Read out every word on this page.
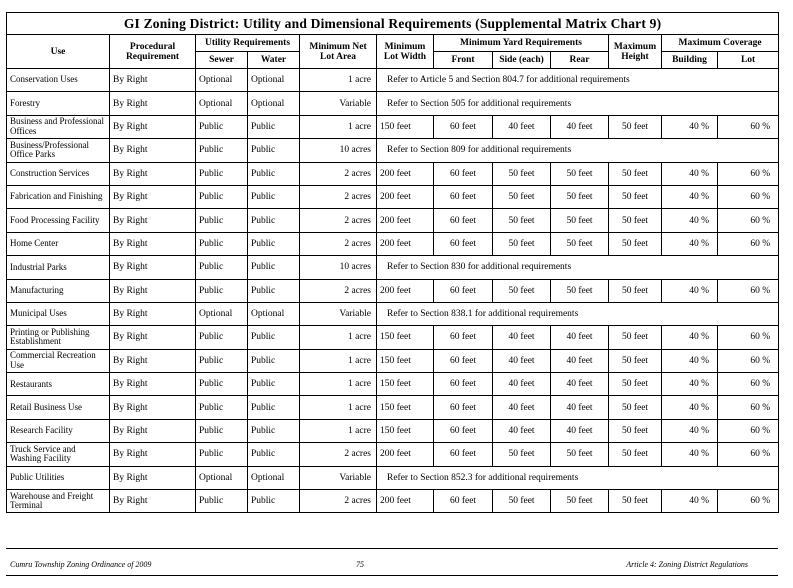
GI Zoning District: Utility and Dimensional Requirements (Supplemental Matrix Chart 9)											
Use	Procedural Requirement	Utility Requirements		Minimum Net Lot Area	Minimum Lot Width	Minimum Yard Requirements			Maximum Height	Maximum Coverage	
		Sewer	Water			Front	Side (each)	Rear		Building	Lot
Conservation Uses	By Right	Optional	Optional	1 acre	Refer to Article 5 and Section 804.7 for additional requirements						
Forestry	By Right	Optional	Optional	Variable	Refer to Section 505 for additional requirements						
Business and Professional Offices	By Right	Public	Public	1 acre	150 feet	60 feet	40 feet	40 feet	50 feet	40 %	60 %
Business/Professional Office Parks	By Right	Public	Public	10 acres	Refer to Section 809 for additional requirements						
Construction Services	By Right	Public	Public	2 acres	200 feet	60 feet	50 feet	50 feet	50 feet	40 %	60 %
Fabrication and Finishing	By Right	Public	Public	2 acres	200 feet	60 feet	50 feet	50 feet	50 feet	40 %	60 %
Food Processing Facility	By Right	Public	Public	2 acres	200 feet	60 feet	50 feet	50 feet	50 feet	40 %	60 %
Home Center	By Right	Public	Public	2 acres	200 feet	60 feet	50 feet	50 feet	50 feet	40 %	60 %
Industrial Parks	By Right	Public	Public	10 acres	Refer to Section 830 for additional requirements						
Manufacturing	By Right	Public	Public	2 acres	200 feet	60 feet	50 feet	50 feet	50 feet	40 %	60 %
Municipal Uses	By Right	Optional	Optional	Variable	Refer to Section 838.1 for additional requirements						
Printing or Publishing Establishment	By Right	Public	Public	1 acre	150 feet	60 feet	40 feet	40 feet	50 feet	40 %	60 %
Commercial Recreation Use	By Right	Public	Public	1 acre	150 feet	60 feet	40 feet	40 feet	50 feet	40 %	60 %
Restaurants	By Right	Public	Public	1 acre	150 feet	60 feet	40 feet	40 feet	50 feet	40 %	60 %
Retail Business Use	By Right	Public	Public	1 acre	150 feet	60 feet	40 feet	40 feet	50 feet	40 %	60 %
Research Facility	By Right	Public	Public	1 acre	150 feet	60 feet	40 feet	40 feet	50 feet	40 %	60 %
Truck Service and Washing Facility	By Right	Public	Public	2 acres	200 feet	60 feet	50 feet	50 feet	50 feet	40 %	60 %
Public Utilities	By Right	Optional	Optional	Variable	Refer to Section 852.3 for additional requirements						
Warehouse and Freight Terminal	By Right	Public	Public	2 acres	200 feet	60 feet	50 feet	50 feet	50 feet	40 %	60 %
Cumru Township Zoning Ordinance of 2009	75	Article 4: Zoning District Regulations
